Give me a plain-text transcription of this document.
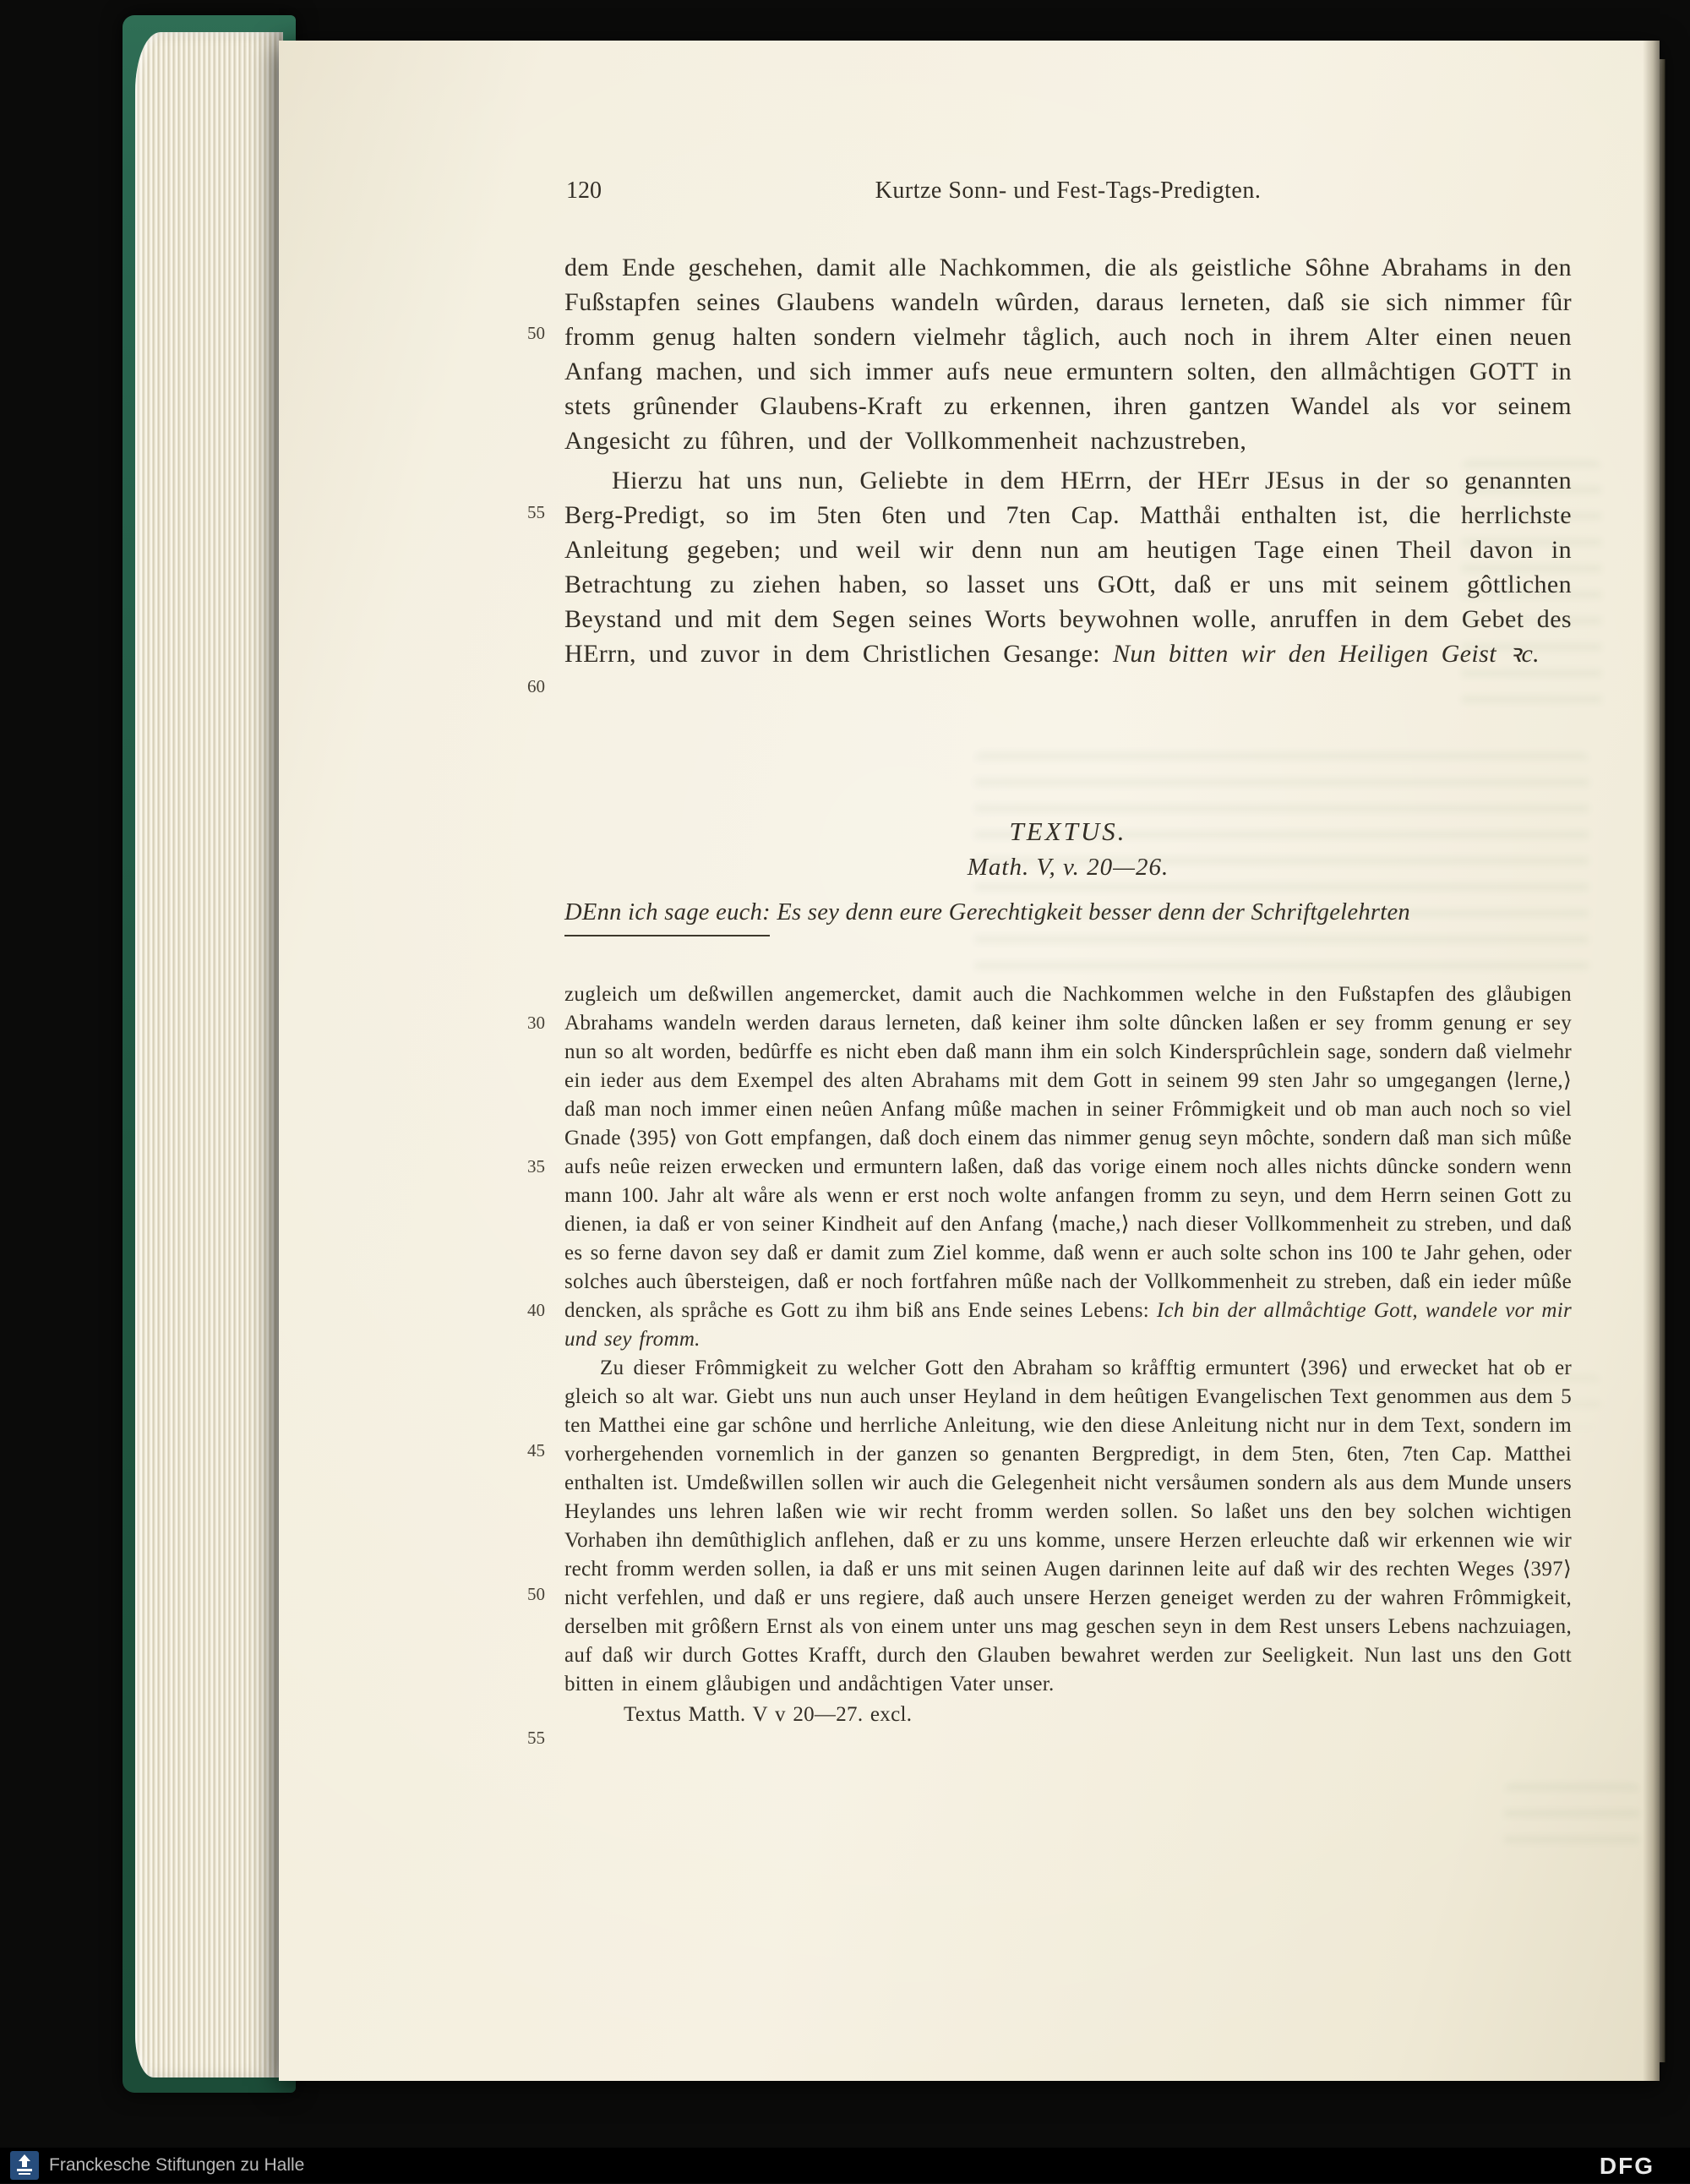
120	Kurtze Sonn- und Fest-Tags-Predigten.
50
55
60

dem Ende geschehen, damit alle Nachkommen, die als geistliche Sôhne Abrahams in den Fußstapfen seines Glaubens wandeln wûrden, daraus lerneten, daß sie sich nimmer fûr fromm genug halten sondern vielmehr tåglich, auch noch in ihrem Alter einen neuen Anfang machen, und sich immer aufs neue ermuntern solten, den allmåchtigen GOTT in stets grûnender Glaubens-Kraft zu erkennen, ihren gantzen Wandel als vor seinem Angesicht zu fûhren, und der Vollkommenheit nachzustreben,

Hierzu hat uns nun, Geliebte in dem HErrn, der HErr JEsus in der so genannten Berg-Predigt, so im 5ten 6ten und 7ten Cap. Matthåi enthalten ist, die herrlichste Anleitung gegeben; und weil wir denn nun am heutigen Tage einen Theil davon in Betrachtung zu ziehen haben, so lasset uns GOtt, daß er uns mit seinem gôttlichen Beystand und mit dem Segen seines Worts beywohnen wolle, anruffen in dem Gebet des HErrn, und zuvor in dem Christlichen Gesange: Nun bitten wir den Heiligen Geist ꝛc.

TEXTUS.
Math. V, v. 20—26.
DEnn ich sage euch: Es sey denn eure Gerechtigkeit besser denn der Schriftgelehrten
30
35
40
45
50
55

zugleich um deßwillen angemercket, damit auch die Nachkommen welche in den Fußstapfen des glåubigen Abrahams wandeln werden daraus lerneten, daß keiner ihm solte dûncken laßen er sey fromm genung er sey nun so alt worden, bedûrffe es nicht eben daß mann ihm ein solch Kindersprûchlein sage, sondern daß vielmehr ein ieder aus dem Exempel des alten Abrahams mit dem Gott in seinem 99 sten Jahr so umgegangen ⟨lerne,⟩ daß man noch immer einen neûen Anfang mûße machen in seiner Frômmigkeit und ob man auch noch so viel Gnade ⟨395⟩ von Gott empfangen, daß doch einem das nimmer genug seyn môchte, sondern daß man sich mûße aufs neûe reizen erwecken und ermuntern laßen, daß das vorige einem noch alles nichts dûncke sondern wenn mann 100. Jahr alt wåre als wenn er erst noch wolte anfangen fromm zu seyn, und dem Herrn seinen Gott zu dienen, ia daß er von seiner Kindheit auf den Anfang ⟨mache,⟩ nach dieser Vollkommenheit zu streben, und daß es so ferne davon sey daß er damit zum Ziel komme, daß wenn er auch solte schon ins 100 te Jahr gehen, oder solches auch ûbersteigen, daß er noch fortfahren mûße nach der Vollkommenheit zu streben, daß ein ieder mûße dencken, als språche es Gott zu ihm biß ans Ende seines Lebens: Ich bin der allmåchtige Gott, wandele vor mir und sey fromm.

Zu dieser Frômmigkeit zu welcher Gott den Abraham so kråfftig ermuntert ⟨396⟩ und erwecket hat ob er gleich so alt war. Giebt uns nun auch unser Heyland in dem heûtigen Evangelischen Text genommen aus dem 5 ten Matthei eine gar schône und herrliche Anleitung, wie den diese Anleitung nicht nur in dem Text, sondern im vorhergehenden vornemlich in der ganzen so genanten Bergpredigt, in dem 5ten, 6ten, 7ten Cap. Matthei enthalten ist. Umdeßwillen sollen wir auch die Gelegenheit nicht versåumen sondern als aus dem Munde unsers Heylandes uns lehren laßen wie wir recht fromm werden sollen. So laßet uns den bey solchen wichtigen Vorhaben ihn demûthiglich anflehen, daß er zu uns komme, unsere Herzen erleuchte daß wir erkennen wie wir recht fromm werden sollen, ia daß er uns mit seinen Augen darinnen leite auf daß wir des rechten Weges ⟨397⟩ nicht verfehlen, und daß er uns regiere, daß auch unsere Herzen geneiget werden zu der wahren Frômmigkeit, derselben mit grôßern Ernst als von einem unter uns mag geschen seyn in dem Rest unsers Lebens nachzuiagen, auf daß wir durch Gottes Krafft, durch den Glauben bewahret werden zur Seeligkeit. Nun last uns den Gott bitten in einem glåubigen und andåchtigen Vater unser.

Textus Matth. V v 20—27. excl.

Franckesche Stiftungen zu Halle	DFG
